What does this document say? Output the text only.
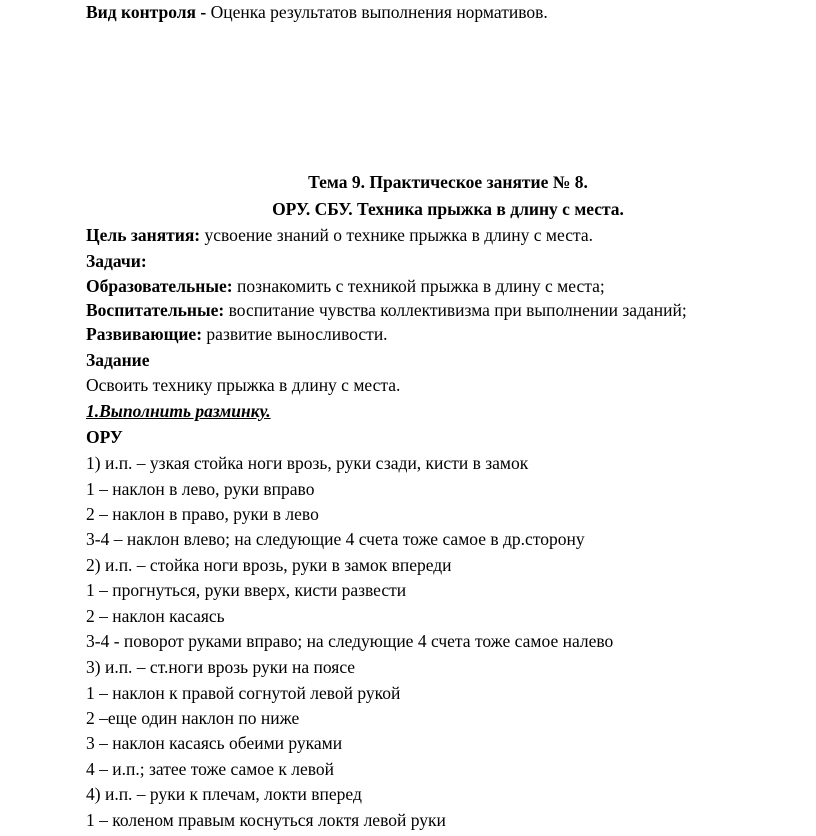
Вид контроля - Оценка результатов выполнения нормативов.
Тема 9. Практическое занятие № 8.
ОРУ. СБУ. Техника прыжка в длину с места.
Цель занятия: усвоение знаний о технике прыжка в длину с места.
Задачи:
Образовательные: познакомить с техникой прыжка в длину с места;
Воспитательные: воспитание чувства коллективизма при выполнении заданий;
Развивающие: развитие выносливости.
Задание
Освоить технику прыжка в длину с места.
1.Выполнить разминку.
ОРУ
1) и.п. – узкая стойка ноги врозь, руки сзади, кисти в замок
1 – наклон в лево, руки вправо
2 – наклон в право, руки в лево
3-4 – наклон влево; на следующие 4 счета тоже самое в др.сторону
2) и.п. – стойка ноги врозь, руки в замок впереди
1 – прогнуться, руки вверх, кисти развести
2 – наклон касаясь
3-4 - поворот руками вправо; на следующие 4 счета тоже самое налево
3) и.п. – ст.ноги врозь руки на поясе
1 – наклон к правой согнутой левой рукой
2 –еще один наклон по ниже
3 – наклон касаясь обеими руками
4 – и.п.; затее тоже самое к левой
4) и.п. – руки к плечам, локти вперед
1 – коленом правым коснуться локтя левой руки
